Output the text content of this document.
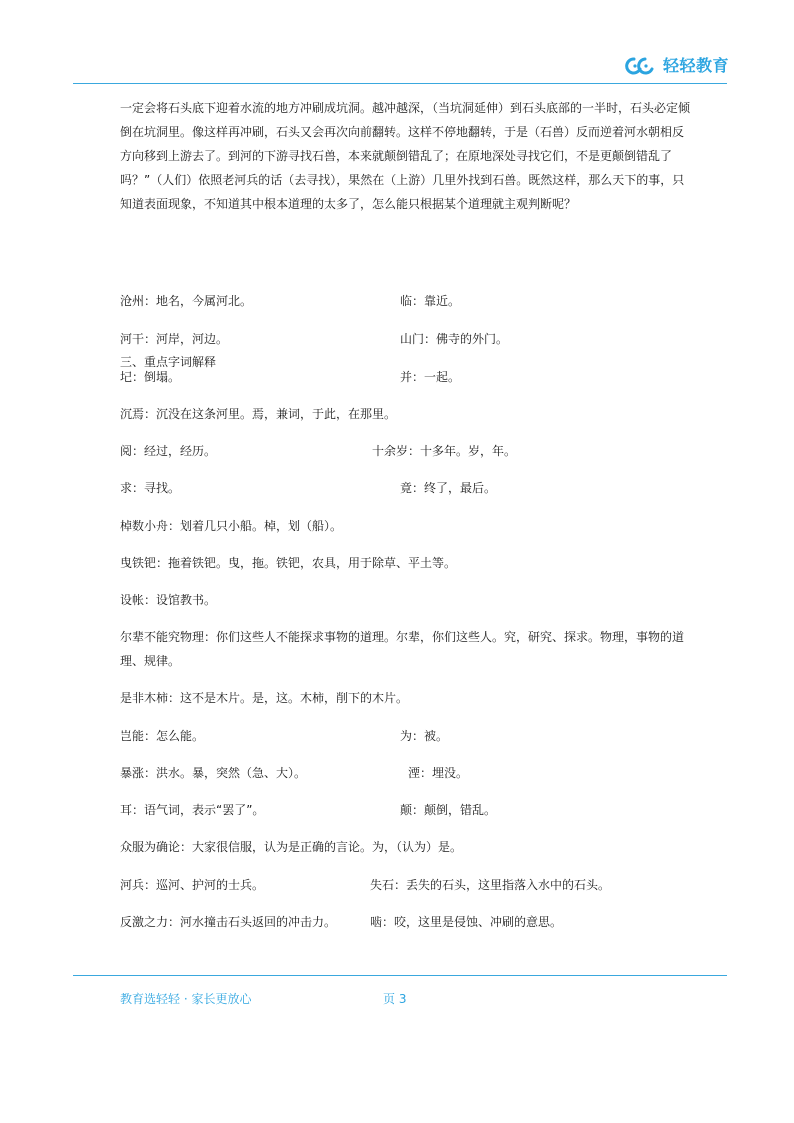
轻轻教育

一定会将石头底下迎着水流的地方冲刷成坑洞。越冲越深，（当坑洞延伸）到石头底部的一半时，石头必定倾倒在坑洞里。像这样再冲刷，石头又会再次向前翻转。这样不停地翻转，于是（石兽）反而逆着河水朝相反方向移到上游去了。到河的下游寻找石兽，本来就颠倒错乱了；在原地深处寻找它们，不是更颠倒错乱了吗？”（人们）依照老河兵的话（去寻找），果然在（上游）几里外找到石兽。既然这样，那么天下的事，只知道表面现象，不知道其中根本道理的太多了，怎么能只根据某个道理就主观判断呢？

三、重点字词解释
沧州：地名，今属河北。	临：靠近。
河干：河岸，河边。	山门：佛寺的外门。
圮：倒塌。	并：一起。
沉焉：沉没在这条河里。焉，兼词，于此，在那里。
阅：经过，经历。	十余岁：十多年。岁，年。
求：寻找。	竟：终了，最后。
棹数小舟：划着几只小船。棹，划（船）。
曳铁钯：拖着铁钯。曳，拖。铁钯，农具，用于除草、平土等。
设帐：设馆教书。
尔辈不能究物理：你们这些人不能探求事物的道理。尔辈，你们这些人。究，研究、探求。物理，事物的道理、规律。
是非木柿：这不是木片。是，这。木柿，削下的木片。
岂能：怎么能。	为：被。
暴涨：洪水。暴，突然（急、大）。	湮：埋没。
耳：语气词，表示“罢了”。	颠：颠倒，错乱。
众服为确论：大家很信服，认为是正确的言论。为，（认为）是。
河兵：巡河、护河的士兵。	失石：丢失的石头，这里指落入水中的石头。
反激之力：河水撞击石头返回的冲击力。	啮：咬，这里是侵蚀、冲刷的意思。
教育选轻轻 · 家长更放心	页 3
